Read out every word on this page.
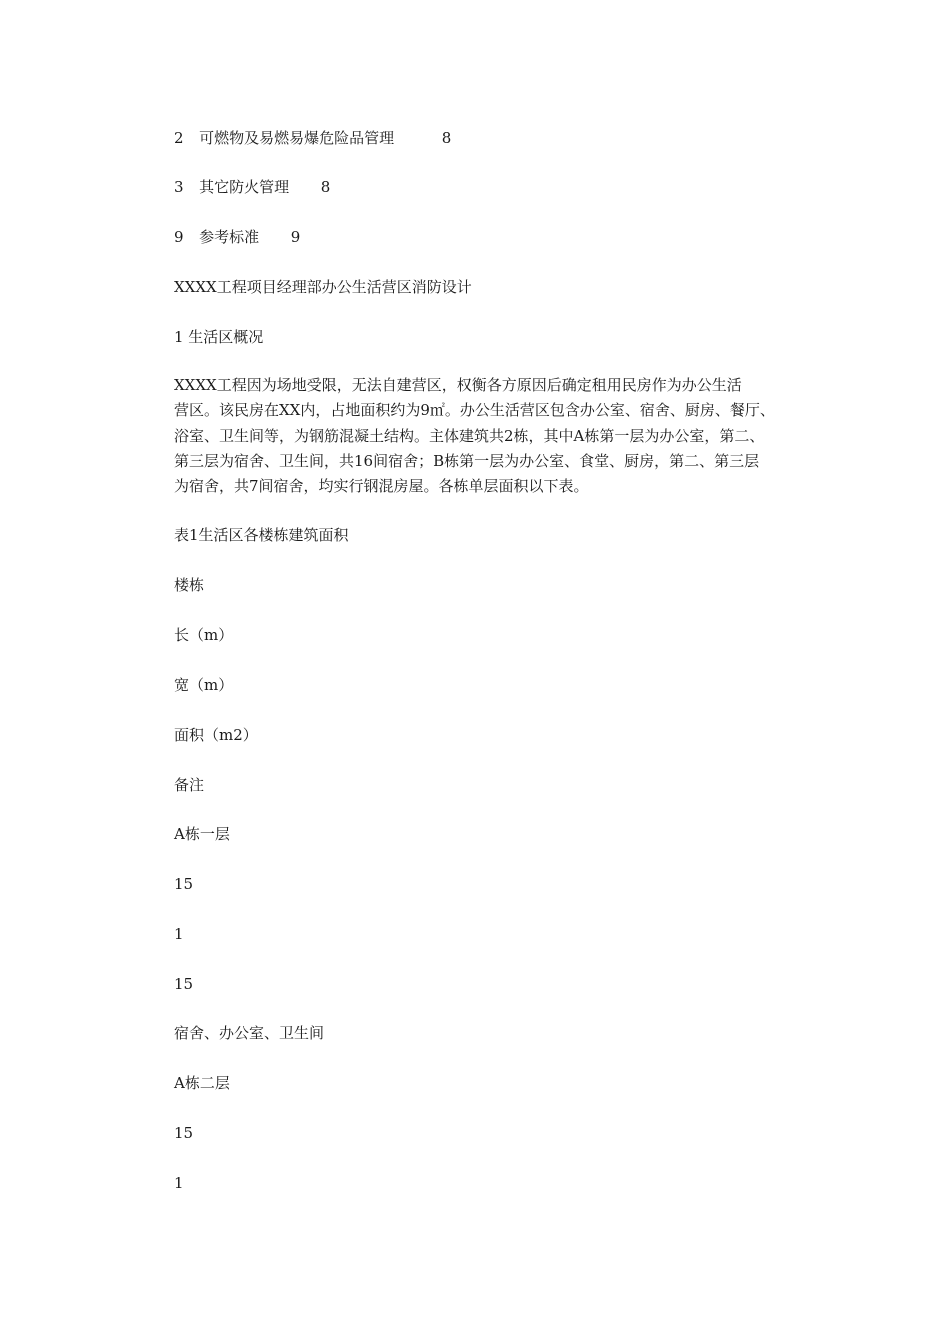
2 可燃物及易燃易爆危险品管理	8
3 其它防火管理 8
9 参考标准 9
XXXX工程项目经理部办公生活营区消防设计
1 生活区概况
XXXX工程因为场地受限，无法自建营区，权衡各方原因后确定租用民房作为办公生活
营区。该民房在XX内，占地面积约为9㎡。办公生活营区包含办公室、宿舍、厨房、餐厅、
浴室、卫生间等，为钢筋混凝土结构。主体建筑共2栋，其中A栋第一层为办公室，第二、
第三层为宿舍、卫生间，共16间宿舍；B栋第一层为办公室、食堂、厨房，第二、第三层
为宿舍，共7间宿舍，均实行钢混房屋。各栋单层面积以下表。
表1生活区各楼栋建筑面积
楼栋
长（m）
宽（m）
面积（m2）
备注
A栋一层
15
1
15
宿舍、办公室、卫生间
A栋二层
15
1
